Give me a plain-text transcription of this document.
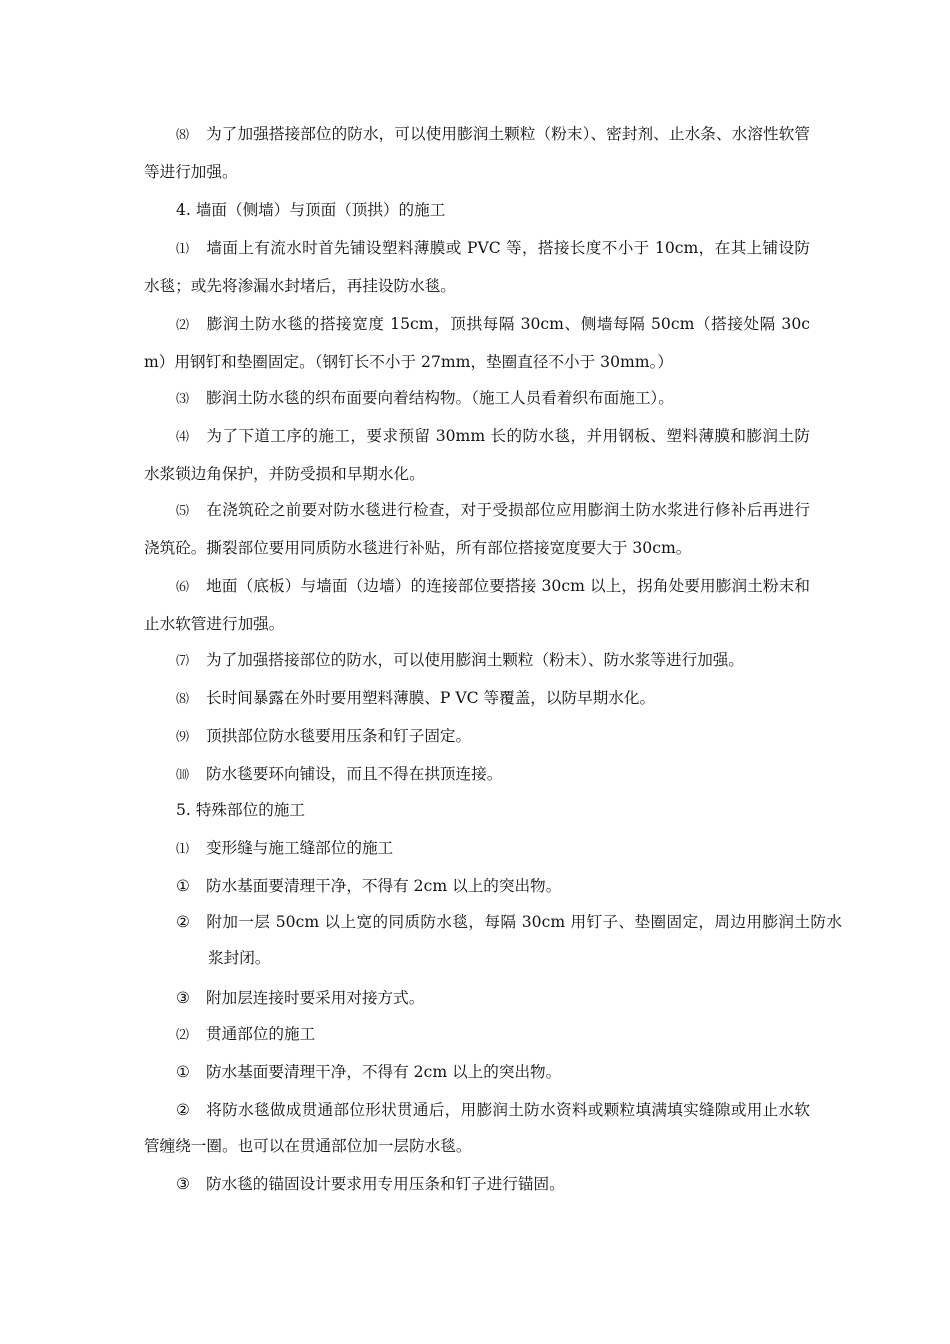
⑻ 为了加强搭接部位的防水，可以使用膨润土颗粒（粉末）、密封剂、止水条、水溶性软管等进行加强。

4. 墙面（侧墙）与顶面（顶拱）的施工

⑴ 墙面上有流水时首先铺设塑料薄膜或 PVC 等，搭接长度不小于 10cm，在其上铺设防水毯；或先将渗漏水封堵后，再挂设防水毯。

⑵ 膨润土防水毯的搭接宽度 15cm，顶拱每隔 30cm、侧墙每隔 50cm（搭接处隔 30cm）用钢钉和垫圈固定。（钢钉长不小于 27mm，垫圈直径不小于 30mm。）

⑶ 膨润土防水毯的织布面要向着结构物。（施工人员看着织布面施工）。

⑷ 为了下道工序的施工，要求预留 30mm 长的防水毯，并用钢板、塑料薄膜和膨润土防水浆锁边角保护，并防受损和早期水化。

⑸ 在浇筑砼之前要对防水毯进行检查，对于受损部位应用膨润土防水浆进行修补后再进行浇筑砼。撕裂部位要用同质防水毯进行补贴，所有部位搭接宽度要大于 30cm。

⑹ 地面（底板）与墙面（边墙）的连接部位要搭接 30cm 以上，拐角处要用膨润土粉末和止水软管进行加强。

⑺ 为了加强搭接部位的防水，可以使用膨润土颗粒（粉末）、防水浆等进行加强。

⑻ 长时间暴露在外时要用塑料薄膜、P VC 等覆盖，以防早期水化。

⑼ 顶拱部位防水毯要用压条和钉子固定。

⑽ 防水毯要环向铺设，而且不得在拱顶连接。

5. 特殊部位的施工

⑴ 变形缝与施工缝部位的施工

① 防水基面要清理干净，不得有 2cm 以上的突出物。

② 附加一层 50cm 以上宽的同质防水毯，每隔 30cm 用钉子、垫圈固定，周边用膨润土防水浆封闭。

③ 附加层连接时要采用对接方式。

⑵ 贯通部位的施工

① 防水基面要清理干净，不得有 2cm 以上的突出物。

② 将防水毯做成贯通部位形状贯通后，用膨润土防水资料或颗粒填满填实缝隙或用止水软管缠绕一圈。也可以在贯通部位加一层防水毯。

③ 防水毯的锚固设计要求用专用压条和钉子进行锚固。
